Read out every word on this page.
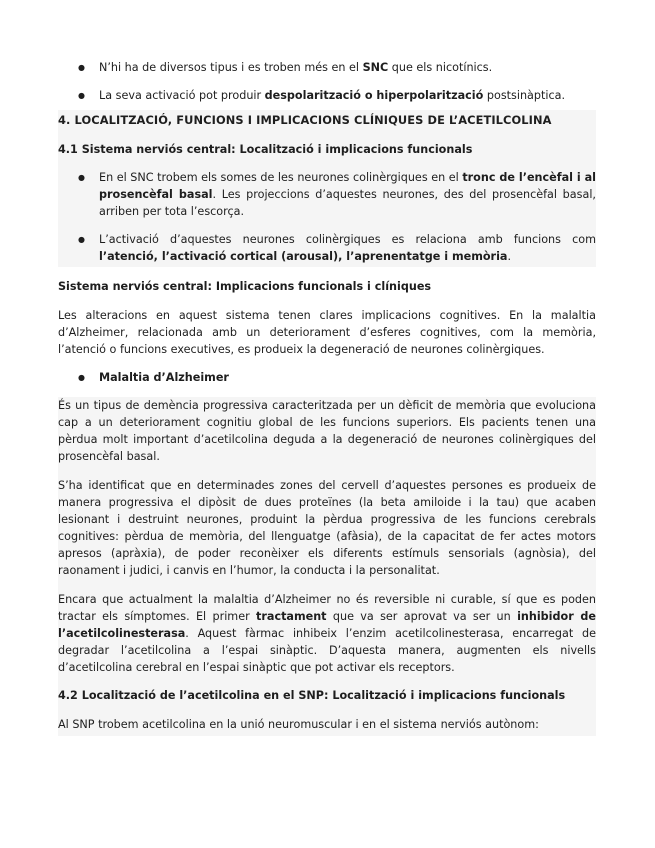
● N’hi ha de diversos tipus i es troben més en el SNC que els nicotínics.

● La seva activació pot produir despolarització o hiperpolarització postsinàptica.

4. LOCALITZACIÓ, FUNCIONS I IMPLICACIONS CLÍNIQUES DE L’ACETILCOLINA

4.1 Sistema nerviós central: Localització i implicacions funcionals

● En el SNC trobem els somes de les neurones colinèrgiques en el tronc de l’encèfal i al prosencèfal basal. Les projeccions d’aquestes neurones, des del prosencèfal basal, arriben per tota l’escorça.

● L’activació d’aquestes neurones colinèrgiques es relaciona amb funcions com l’atenció, l’activació cortical (arousal), l’aprenentatge i memòria.

Sistema nerviós central: Implicacions funcionals i clíniques

Les alteracions en aquest sistema tenen clares implicacions cognitives. En la malaltia d’Alzheimer, relacionada amb un deteriorament d’esferes cognitives, com la memòria, l’atenció o funcions executives, es produeix la degeneració de neurones colinèrgiques.

● Malaltia d’Alzheimer

És un tipus de demència progressiva caracteritzada per un dèficit de memòria que evoluciona cap a un deteriorament cognitiu global de les funcions superiors. Els pacients tenen una pèrdua molt important d’acetilcolina deguda a la degeneració de neurones colinèrgiques del prosencèfal basal.

S’ha identificat que en determinades zones del cervell d’aquestes persones es produeix de manera progressiva el dipòsit de dues proteïnes (la beta amiloide i la tau) que acaben lesionant i destruint neurones, produint la pèrdua progressiva de les funcions cerebrals cognitives: pèrdua de memòria, del llenguatge (afàsia), de la capacitat de fer actes motors apresos (apràxia), de poder reconèixer els diferents estímuls sensorials (agnòsia), del raonament i judici, i canvis en l’humor, la conducta i la personalitat.

Encara que actualment la malaltia d’Alzheimer no és reversible ni curable, sí que es poden tractar els símptomes. El primer tractament que va ser aprovat va ser un inhibidor de l’acetilcolinesterasa. Aquest fàrmac inhibeix l’enzim acetilcolinesterasa, encarregat de degradar l’acetilcolina a l’espai sinàptic. D’aquesta manera, augmenten els nivells d’acetilcolina cerebral en l’espai sinàptic que pot activar els receptors.

4.2 Localització de l’acetilcolina en el SNP: Localització i implicacions funcionals

Al SNP trobem acetilcolina en la unió neuromuscular i en el sistema nerviós autònom:
